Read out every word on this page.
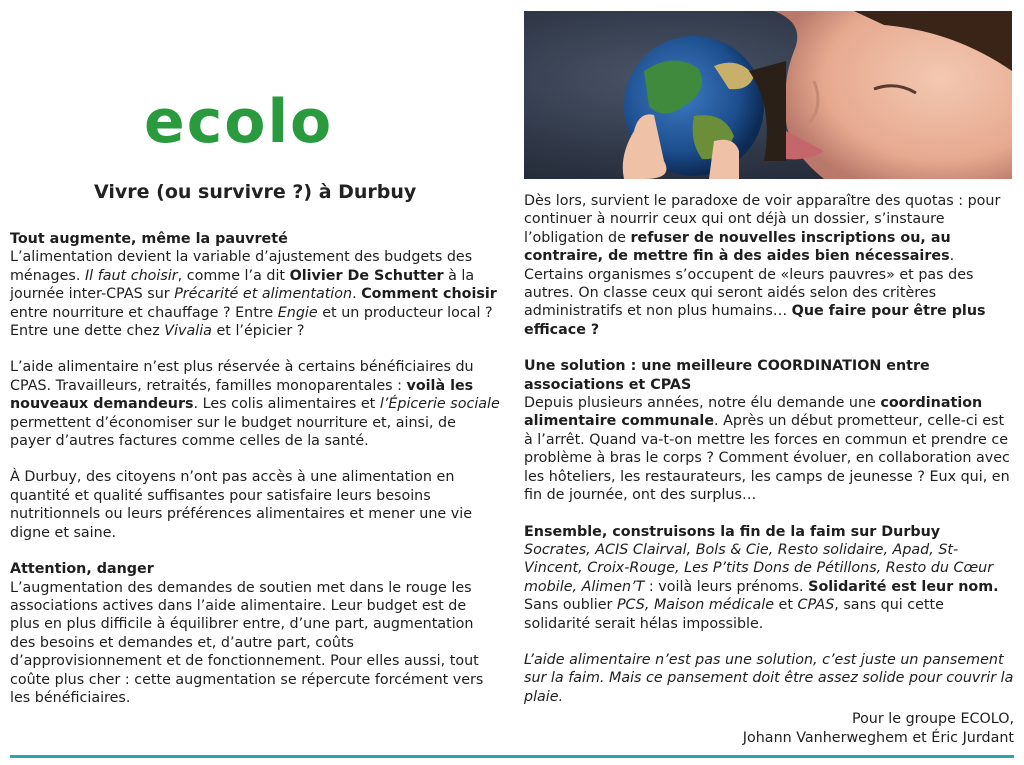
ecolo
Vivre (ou survivre ?) à Durbuy
Tout augmente, même la pauvreté

L’alimentation devient la variable d’ajustement des budgets des ménages. Il faut choisir, comme l’a dit Olivier De Schutter à la journée inter-CPAS sur Précarité et alimentation. Comment choisir entre nourriture et chauffage ? Entre Engie et un producteur local ? Entre une dette chez Vivalia et l’épicier ?

L’aide alimentaire n’est plus réservée à certains bénéficiaires du CPAS. Travailleurs, retraités, familles monoparentales : voilà les nouveaux demandeurs. Les colis alimentaires et l’Épicerie sociale permettent d’économiser sur le budget nourriture et, ainsi, de payer d’autres factures comme celles de la santé.

À Durbuy, des citoyens n’ont pas accès à une alimentation en quantité et qualité suffisantes pour satisfaire leurs besoins nutritionnels ou leurs préférences alimentaires et mener une vie digne et saine.

Attention, danger

L’augmentation des demandes de soutien met dans le rouge les associations actives dans l’aide alimentaire. Leur budget est de plus en plus difficile à équilibrer entre, d’une part, augmentation des besoins et demandes et, d’autre part, coûts d’approvisionnement et de fonctionnement. Pour elles aussi, tout coûte plus cher : cette augmentation se répercute forcément vers les bénéficiaires.

Dès lors, survient le paradoxe de voir apparaître des quotas : pour continuer à nourrir ceux qui ont déjà un dossier, s’instaure l’obligation de refuser de nouvelles inscriptions ou, au contraire, de mettre fin à des aides bien nécessaires. Certains organismes s’occupent de «leurs pauvres» et pas des autres. On classe ceux qui seront aidés selon des critères administratifs et non plus humains… Que faire pour être plus efficace ?

Une solution : une meilleure COORDINATION entre associations et CPAS

Depuis plusieurs années, notre élu demande une coordination alimentaire communale. Après un début prometteur, celle-ci est à l’arrêt. Quand va-t-on mettre les forces en commun et prendre ce problème à bras le corps ? Comment évoluer, en collaboration avec les hôteliers, les restaurateurs, les camps de jeunesse ? Eux qui, en fin de journée, ont des surplus…

Ensemble, construisons la fin de la faim sur Durbuy

Socrates, ACIS Clairval, Bols & Cie, Resto solidaire, Apad, St-Vincent, Croix-Rouge, Les P’tits Dons de Pétillons, Resto du Cœur mobile, Alimen’T : voilà leurs prénoms. Solidarité est leur nom. Sans oublier PCS, Maison médicale et CPAS, sans qui cette solidarité serait hélas impossible.

L’aide alimentaire n’est pas une solution, c’est juste un pansement sur la faim. Mais ce pansement doit être assez solide pour couvrir la plaie.

Pour le groupe ECOLO,

Johann Vanherweghem et Éric Jurdant
